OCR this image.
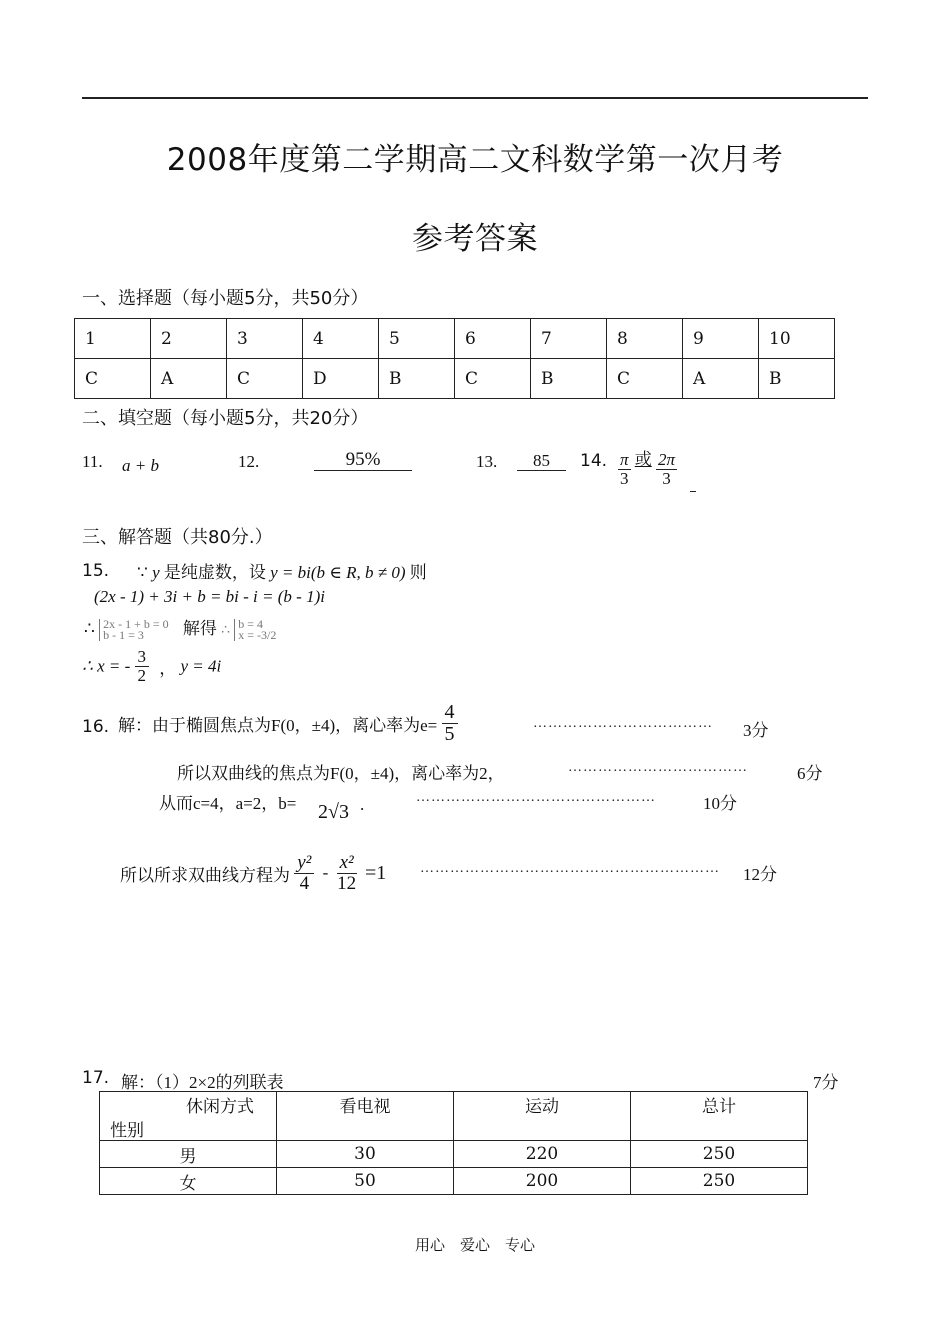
2008年度第二学期高二文科数学第一次月考
参考答案
一、选择题（每小题5分，共50分）
1	2	3	4	5	6	7	8	9	10
C	A	C	D	B	C	B	C	A	B
二、填空题（每小题5分，共20分）
11. a + b	12.	95%	13.	85	14. $\frac{\pi}{3}$ 或 $\frac{2\pi}{3}$
三、解答题（共80分.）
15. ∵ y 是纯虚数，设 y = bi(b ∈ R, b ≠ 0) 则
(2x - 1) + 3i + b = bi - i = (b - 1)i
∴ 2x - 1 + b = 0
b - 1 = 3	解得 ∴ b = 4
x = -3/2
∴ x = - $\frac{3}{2}$ ， y = 4i
16. 解：由于椭圆焦点为F(0，±4)，离心率为$e= \frac{4}{5}$	……………………………… 3分
所以双曲线的焦点为F(0，±4)，离心率为2，	………………………………	6分
从而c=4，a=2，b= 2√3 .	…………………………………………	10分
所以所求双曲线方程为 $\frac{\text{y²}}{4} - \frac{\text{x²}}{12} =1$ …………………………………………………… 12分
17. 解：（1）2×2的列联表	7分
休闲方式
性别	看电视	运动	总计
男	30	220	250
女	50	200	250
用心　爱心　专心
